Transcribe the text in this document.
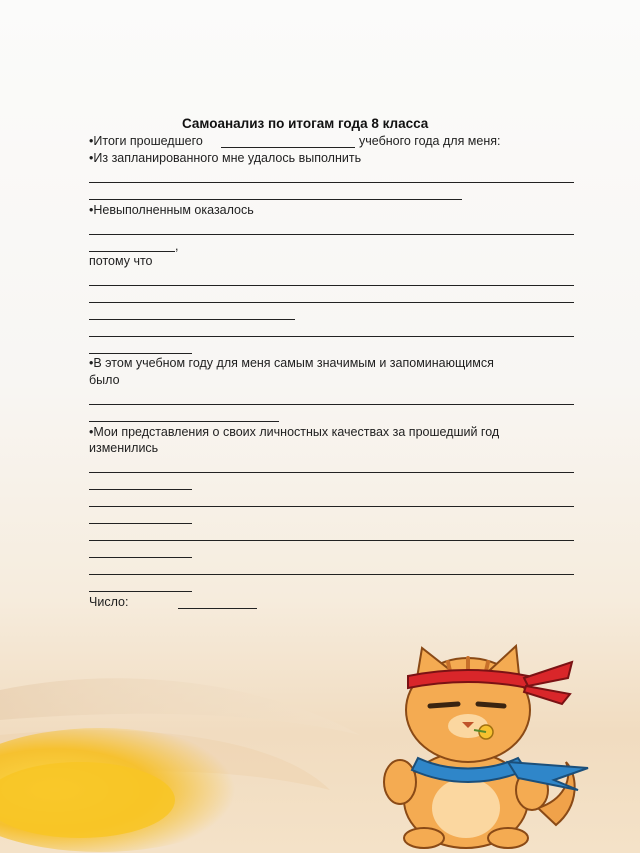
Самоанализ по итогам года 8 класса
•Итоги прошедшего	учебного года для меня:
•Из запланированного мне удалось выполнить
•Невыполненным оказалось
,
потому что
•В этом учебном году для меня самым значимым и запоминающимся
было
•Мои представления о своих личностных качествах за прошедший год
изменились
Число:
